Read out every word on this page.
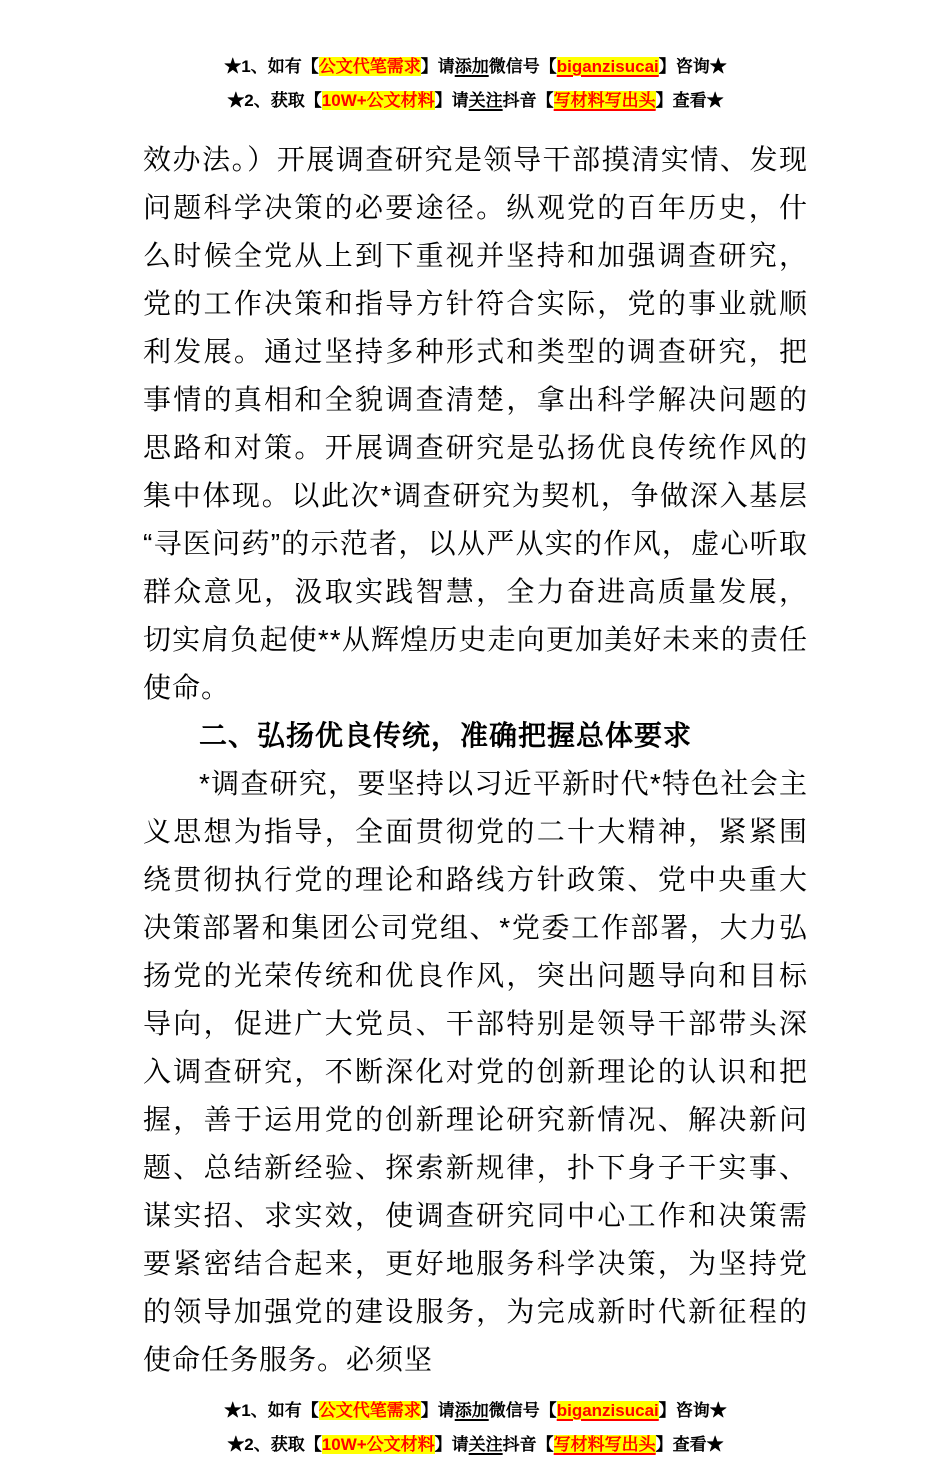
★1、如有【公文代笔需求】请添加微信号【biganzisucai】咨询★
★2、获取【10W+公文材料】请关注抖音【写材料写出头】查看★

效办法。）开展调查研究是领导干部摸清实情、发现问题科学决策的必要途径。纵观党的百年历史，什么时候全党从上到下重视并坚持和加强调查研究，党的工作决策和指导方针符合实际，党的事业就顺利发展。通过坚持多种形式和类型的调查研究，把事情的真相和全貌调查清楚，拿出科学解决问题的思路和对策。开展调查研究是弘扬优良传统作风的集中体现。以此次*调查研究为契机，争做深入基层“寻医问药”的示范者，以从严从实的作风，虚心听取群众意见，汲取实践智慧，全力奋进高质量发展，切实肩负起使**从辉煌历史走向更加美好未来的责任使命。

二、弘扬优良传统，准确把握总体要求

*调查研究，要坚持以习近平新时代*特色社会主义思想为指导，全面贯彻党的二十大精神，紧紧围绕贯彻执行党的理论和路线方针政策、党中央重大决策部署和集团公司党组、*党委工作部署，大力弘扬党的光荣传统和优良作风，突出问题导向和目标导向，促进广大党员、干部特别是领导干部带头深入调查研究，不断深化对党的创新理论的认识和把握，善于运用党的创新理论研究新情况、解决新问题、总结新经验、探索新规律，扑下身子干实事、谋实招、求实效，使调查研究同中心工作和决策需要紧密结合起来，更好地服务科学决策，为坚持党的领导加强党的建设服务，为完成新时代新征程的使命任务服务。必须坚

★1、如有【公文代笔需求】请添加微信号【biganzisucai】咨询★
★2、获取【10W+公文材料】请关注抖音【写材料写出头】查看★
